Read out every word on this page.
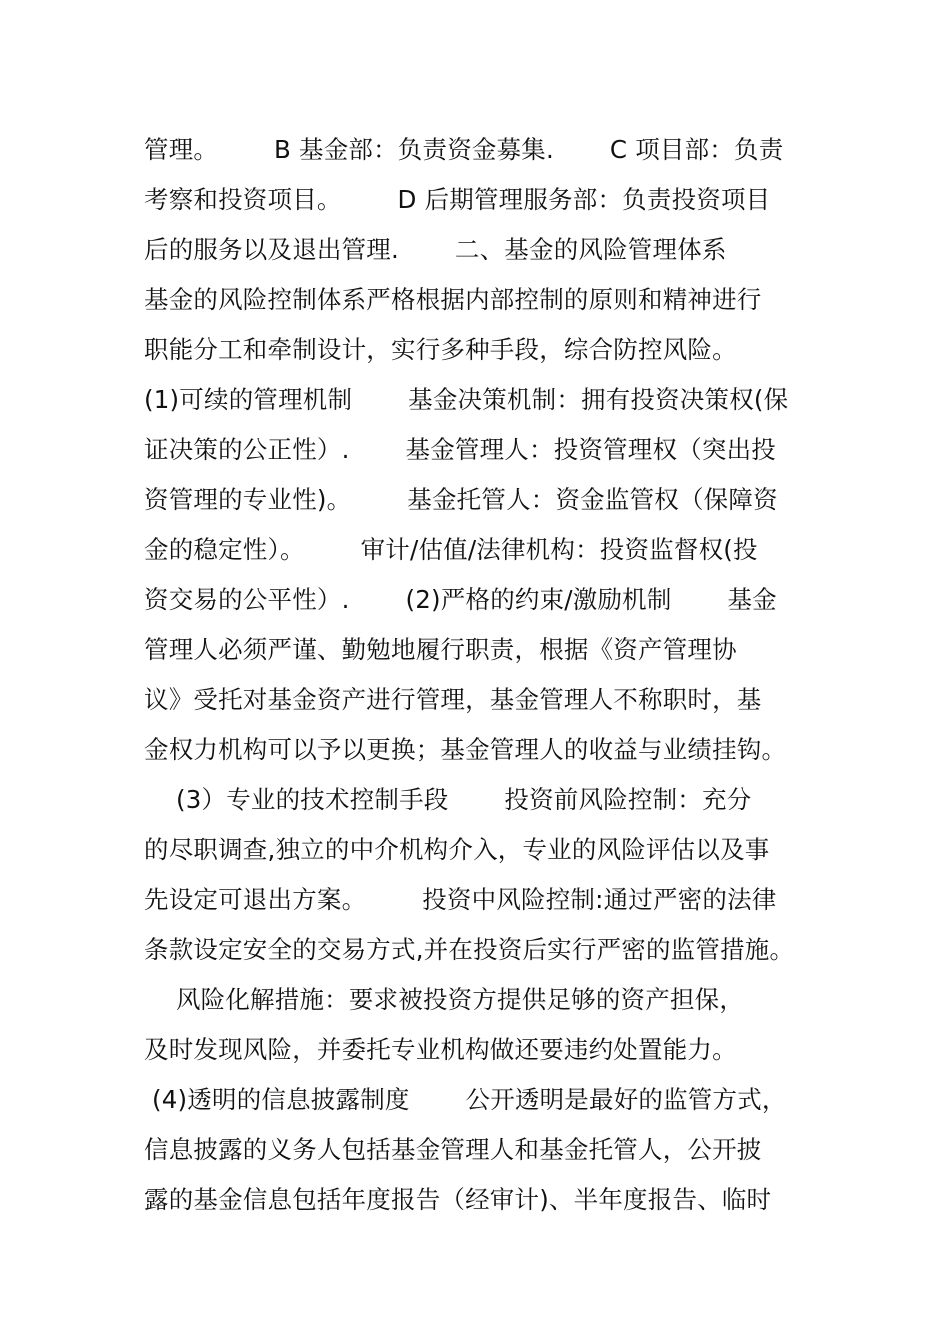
管理。       B 基金部：负责资金募集.       C 项目部：负责
考察和投资项目。       D 后期管理服务部：负责投资项目
后的服务以及退出管理.       二、基金的风险管理体系
基金的风险控制体系严格根据内部控制的原则和精神进行
职能分工和牵制设计，实行多种手段，综合防控风险。
(1)可续的管理机制       基金决策机制：拥有投资决策权(保
证决策的公正性）.       基金管理人：投资管理权（突出投
资管理的专业性)。       基金托管人：资金监管权（保障资
金的稳定性）。       审计/估值/法律机构：投资监督权(投
资交易的公平性）.       (2)严格的约束/激励机制       基金
管理人必须严谨、勤勉地履行职责，根据《资产管理协
议》受托对基金资产进行管理，基金管理人不称职时，基
金权力机构可以予以更换；基金管理人的收益与业绩挂钩。
(3）专业的技术控制手段       投资前风险控制：充分
的尽职调查,独立的中介机构介入，专业的风险评估以及事
先设定可退出方案。       投资中风险控制:通过严密的法律
条款设定安全的交易方式,并在投资后实行严密的监管措施。
风险化解措施：要求被投资方提供足够的资产担保，
及时发现风险，并委托专业机构做还要违约处置能力。
(4)透明的信息披露制度       公开透明是最好的监管方式，
信息披露的义务人包括基金管理人和基金托管人，公开披
露的基金信息包括年度报告（经审计)、半年度报告、临时
